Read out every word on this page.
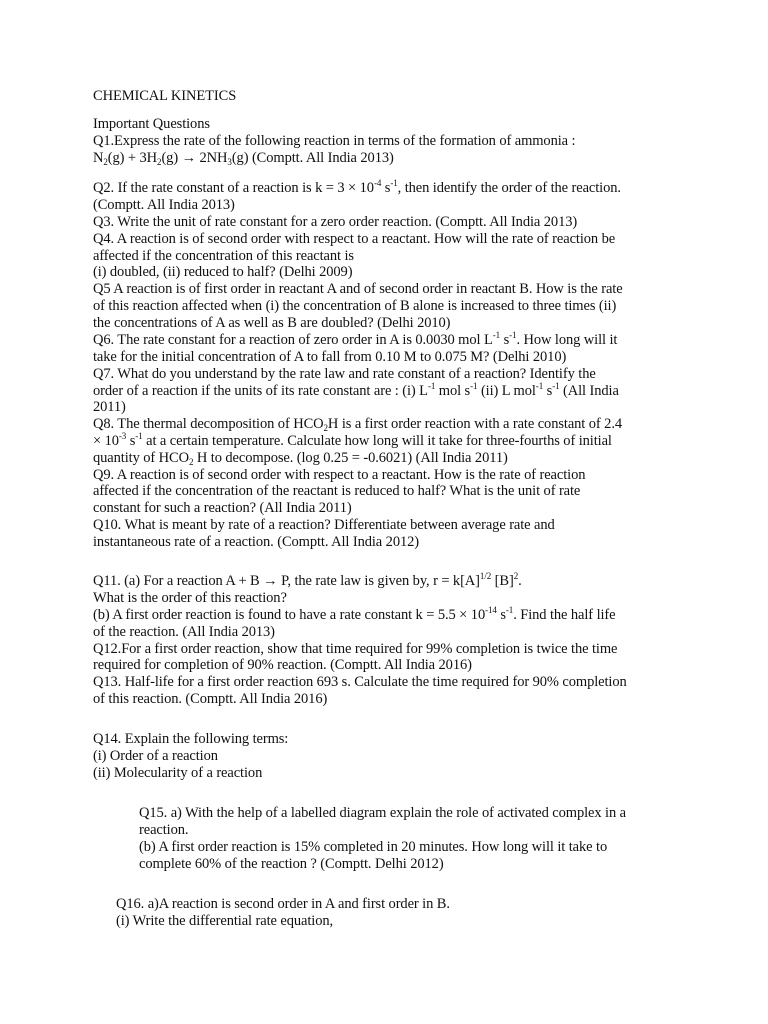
CHEMICAL KINETICS
Important Questions
Q1.Express the rate of the following reaction in terms of the formation of ammonia :
$N_2(g) + 3H_2(g) \to 2NH_3(g)$ (Comptt. All India 2013)
Q2. If the rate constant of a reaction is $k = 3 \times 10^{-4}$ $s^{-1}$, then identify the order of the reaction.
(Comptt. All India 2013)
Q3. Write the unit of rate constant for a zero order reaction. (Comptt. All India 2013)
Q4. A reaction is of second order with respect to a reactant. How will the rate of reaction be
affected if the concentration of this reactant is
(i) doubled, (ii) reduced to half? (Delhi 2009)
Q5 A reaction is of first order in reactant A and of second order in reactant B. How is the rate
of this reaction affected when (i) the concentration of B alone is increased to three times (ii)
the concentrations of A as well as B are doubled? (Delhi 2010)
Q6. The rate constant for a reaction of zero order in A is 0.0030 mol $L^{-1}$ $s^{-1}$. How long will it
take for the initial concentration of A to fall from 0.10 M to 0.075 M? (Delhi 2010)
Q7. What do you understand by the rate law and rate constant of a reaction? Identify the
order of a reaction if the units of its rate constant are : (i) $L^{-1}$ mol $s^{-1}$ (ii) L mol$^{-1}$ $s^{-1}$ (All India
2011)
Q8. The thermal decomposition of $HCO_2H$ is a first order reaction with a rate constant of 2.4
× $10^{-3}$ $s^{-1}$ at a certain temperature. Calculate how long will it take for three-fourths of initial
quantity of $HCO_2$ H to decompose. (log 0.25 = -0.6021) (All India 2011)
Q9. A reaction is of second order with respect to a reactant. How is the rate of reaction
affected if the concentration of the reactant is reduced to half? What is the unit of rate
constant for such a reaction? (All India 2011)
Q10. What is meant by rate of a reaction? Differentiate between average rate and
instantaneous rate of a reaction. (Comptt. All India 2012)
Q11. (a) For a reaction A + B → P, the rate law is given by, $r = k[A]^{1/2}$ $[B]^2$.
What is the order of this reaction?
(b) A first order reaction is found to have a rate constant $k = 5.5 \times 10^{-14}$ $s^{-1}$. Find the half life
of the reaction. (All India 2013)
Q12.For a first order reaction, show that time required for 99% completion is twice the time
required for completion of 90% reaction. (Comptt. All India 2016)
Q13. Half-life for a first order reaction 693 s. Calculate the time required for 90% completion
of this reaction. (Comptt. All India 2016)
Q14. Explain the following terms:
(i) Order of a reaction
(ii) Molecularity of a reaction
Q15. a) With the help of a labelled diagram explain the role of activated complex in a
reaction.
(b) A first order reaction is 15% completed in 20 minutes. How long will it take to
complete 60% of the reaction ? (Comptt. Delhi 2012)
Q16. a)A reaction is second order in A and first order in B.
(i) Write the differential rate equation,
